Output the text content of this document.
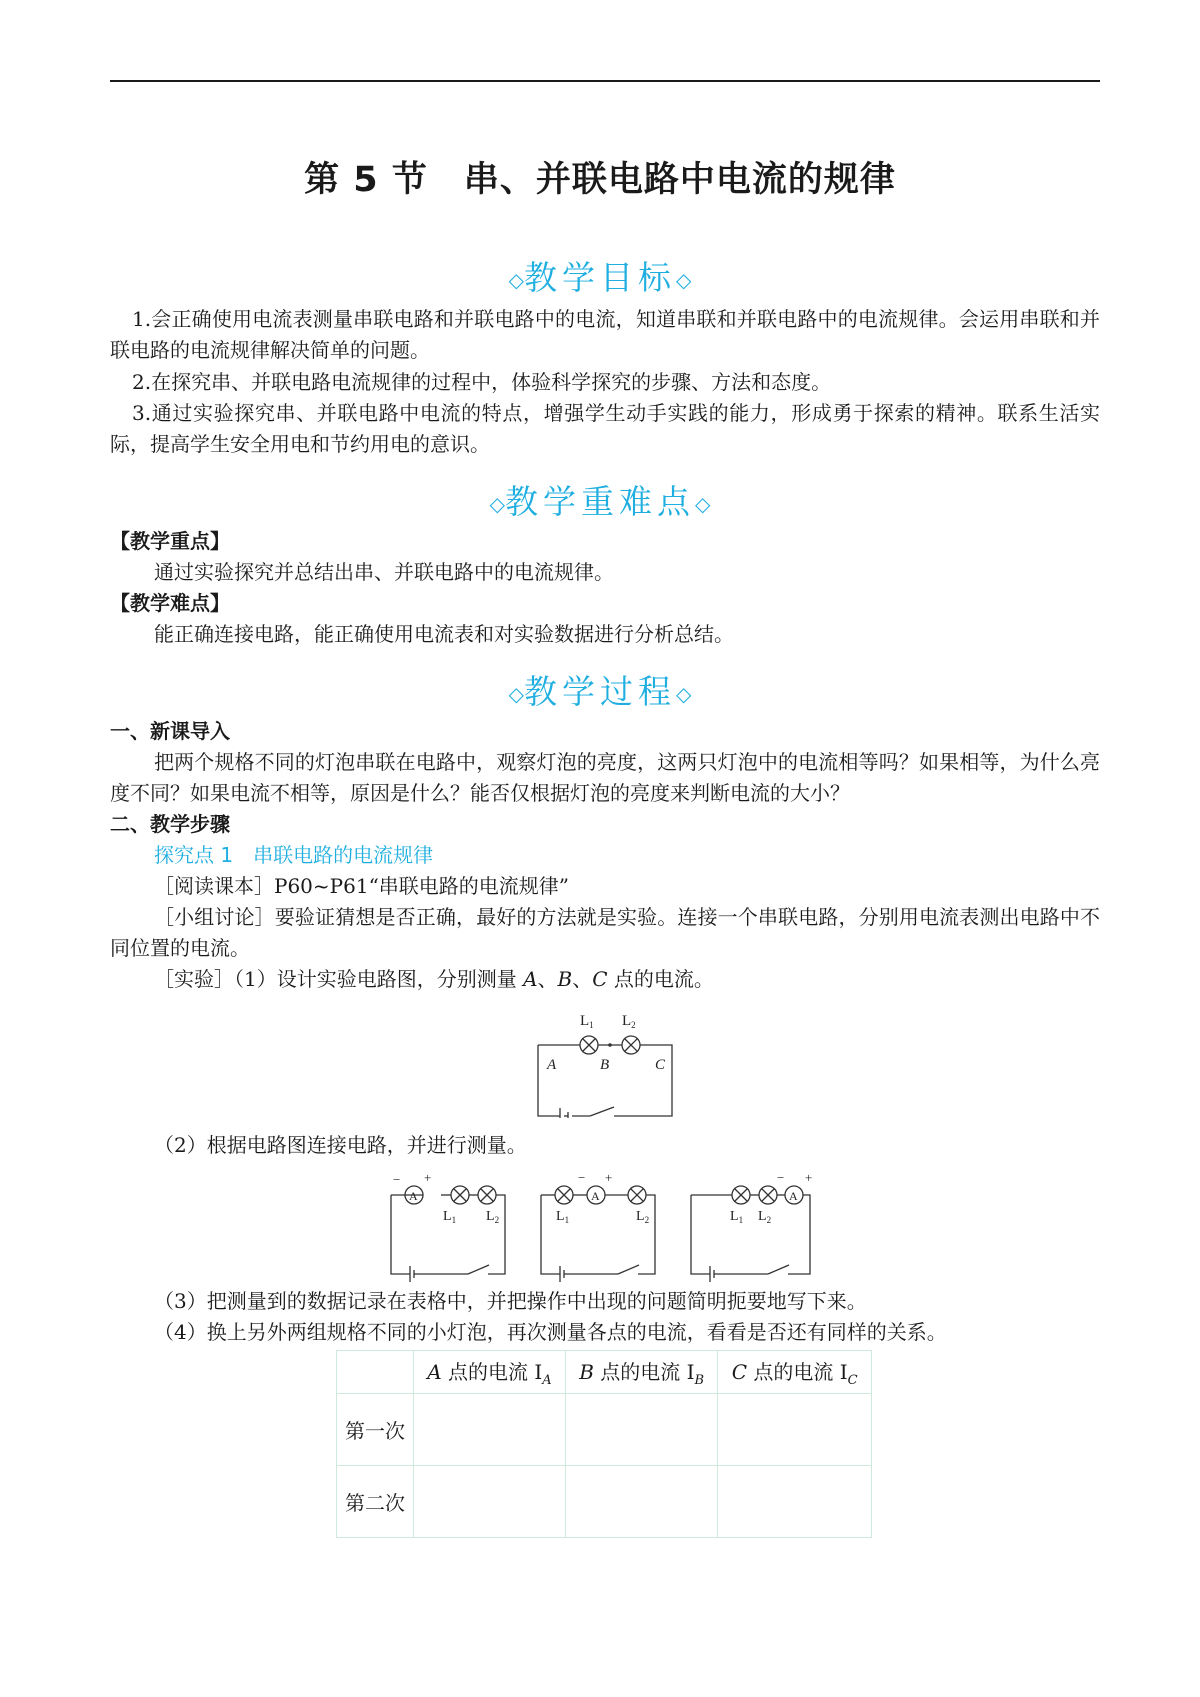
第 5 节　串、并联电路中电流的规律
◇教学目标◇
1.会正确使用电流表测量串联电路和并联电路中的电流，知道串联和并联电路中的电流规律。会运用串联和并联电路的电流规律解决简单的问题。
2.在探究串、并联电路电流规律的过程中，体验科学探究的步骤、方法和态度。
3.通过实验探究串、并联电路中电流的特点，增强学生动手实践的能力，形成勇于探索的精神。联系生活实际，提高学生安全用电和节约用电的意识。
◇教学重难点◇
【教学重点】
通过实验探究并总结出串、并联电路中的电流规律。
【教学难点】
能正确连接电路，能正确使用电流表和对实验数据进行分析总结。
◇教学过程◇
一、新课导入
把两个规格不同的灯泡串联在电路中，观察灯泡的亮度，这两只灯泡中的电流相等吗？如果相等，为什么亮度不同？如果电流不相等，原因是什么？能否仅根据灯泡的亮度来判断电流的大小？
二、教学步骤
探究点 1　串联电路的电流规律
［阅读课本］P60~P61“串联电路的电流规律”
［小组讨论］要验证猜想是否正确，最好的方法就是实验。连接一个串联电路，分别用电流表测出电路中不同位置的电流。
［实验］（1）设计实验电路图，分别测量 A、B、C 点的电流。
$L_1$ $L_2$
A	B	C
（2）根据电路图连接电路，并进行测量。
A
− +
$L_1$ $L_2$
A
− +
$L_1$	$L_2$
A
− +
$L_1$ $L_2$
（3）把测量到的数据记录在表格中，并把操作中出现的问题简明扼要地写下来。
（4）换上另外两组规格不同的小灯泡，再次测量各点的电流，看看是否还有同样的关系。
	A 点的电流 $I_A$	B 点的电流 $I_B$	C 点的电流 $I_C$
第一次			
第二次			
